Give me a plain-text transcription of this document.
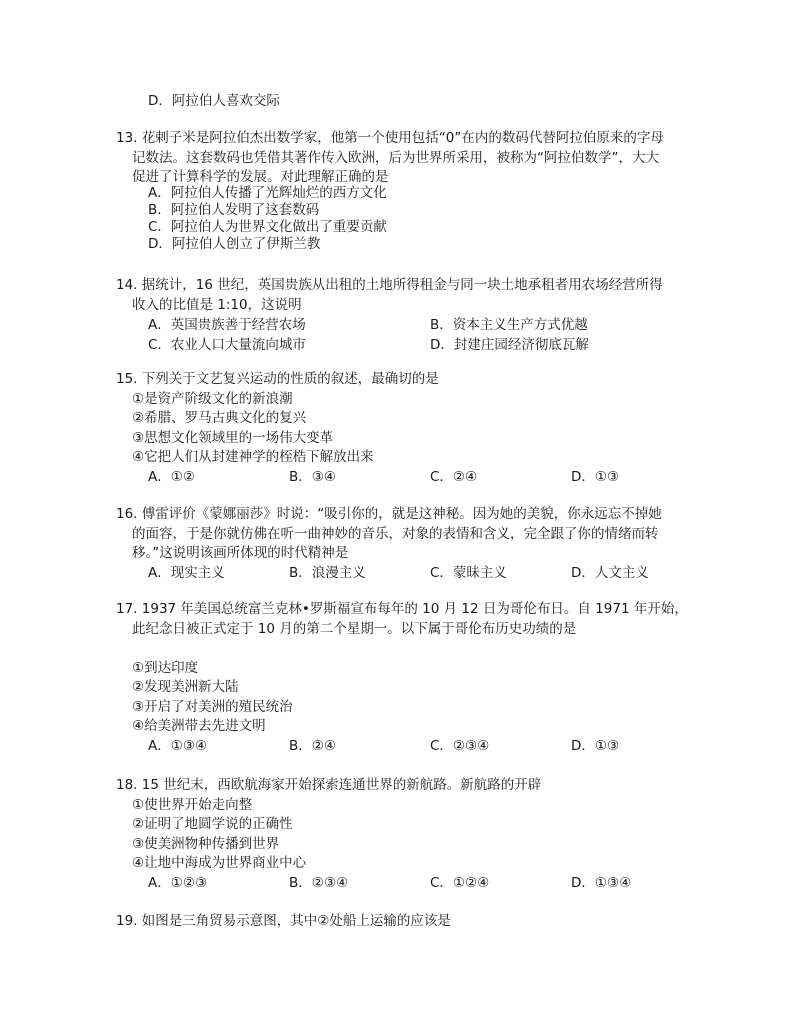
D．阿拉伯人喜欢交际
13. 花剌子米是阿拉伯杰出数学家，他第一个使用包括“0”在内的数码代替阿拉伯原来的字母
记数法。这套数码也凭借其著作传入欧洲，后为世界所采用，被称为“阿拉伯数学”，大大
促进了计算科学的发展。对此理解正确的是
A．阿拉伯人传播了光辉灿烂的西方文化
B．阿拉伯人发明了这套数码
C．阿拉伯人为世界文化做出了重要贡献
D．阿拉伯人创立了伊斯兰教
14. 据统计，16 世纪，英国贵族从出租的土地所得租金与同一块土地承租者用农场经营所得
收入的比值是 1:10，这说明
A．英国贵族善于经营农场	B．资本主义生产方式优越
C．农业人口大量流向城市	D．封建庄园经济彻底瓦解
15. 下列关于文艺复兴运动的性质的叙述，最确切的是
①是资产阶级文化的新浪潮
②希腊、罗马古典文化的复兴
③思想文化领域里的一场伟大变革
④它把人们从封建神学的桎梏下解放出来
A．①②	B．③④	C．②④	D．①③
16. 傅雷评价《蒙娜丽莎》时说：“吸引你的，就是这神秘。因为她的美貌，你永远忘不掉她
的面容，于是你就仿佛在听一曲神妙的音乐，对象的表情和含义，完全跟了你的情绪而转
移。”这说明该画所体现的时代精神是
A．现实主义	B．浪漫主义	C．蒙昧主义	D．人文主义
17. 1937 年美国总统富兰克林•罗斯福宣布每年的 10 月 12 日为哥伦布日。自 1971 年开始，
此纪念日被正式定于 10 月的第二个星期一。以下属于哥伦布历史功绩的是
①到达印度
②发现美洲新大陆
③开启了对美洲的殖民统治
④给美洲带去先进文明
A．①③④	B．②④	C．②③④	D．①③
18. 15 世纪末，西欧航海家开始探索连通世界的新航路。新航路的开辟
①使世界开始走向整
②证明了地圆学说的正确性
③使美洲物种传播到世界
④让地中海成为世界商业中心
A．①②③	B．②③④	C．①②④	D．①③④
19. 如图是三角贸易示意图，其中②处船上运输的应该是
